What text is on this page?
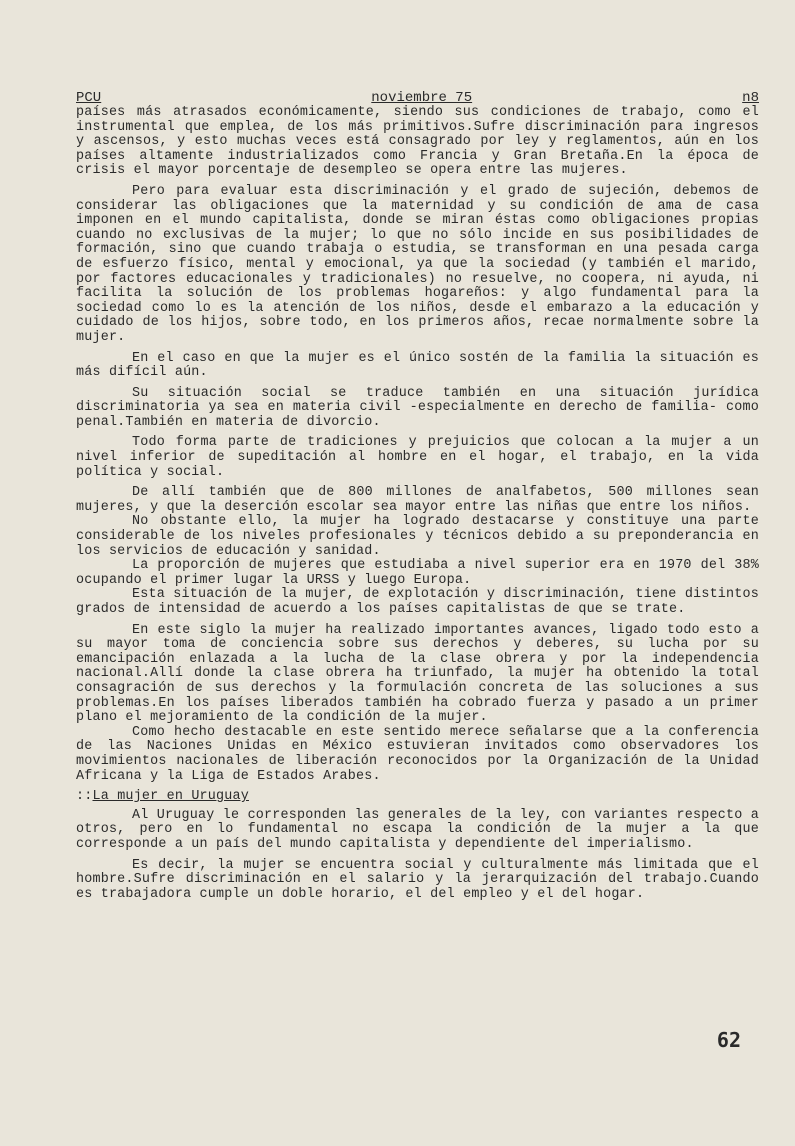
PCU	noviembre 75	n8

países más atrasados económicamente, siendo sus condiciones de trabajo, como el instrumental que emplea, de los más primitivos.Sufre discriminación para ingresos y ascensos, y esto muchas veces está consagrado por ley y reglamentos, aún en los países altamente industrializados como Francia y Gran Bretaña.En la época de crisis el mayor porcentaje de desempleo se opera entre las mujeres.

Pero para evaluar esta discriminación y el grado de sujeción, debemos de considerar las obligaciones que la maternidad y su condición de ama de casa imponen en el mundo capitalista, donde se miran éstas como obligaciones propias cuando no exclusivas de la mujer; lo que no sólo incide en sus posibilidades de formación, sino que cuando trabaja o estudia, se transforman en una pesada carga de esfuerzo físico, mental y emocional, ya que la sociedad (y también el marido, por factores educacionales y tradicionales) no resuelve, no coopera, ni ayuda, ni facilita la solución de los problemas hogareños: y algo fundamental para la sociedad como lo es la atención de los niños, desde el embarazo a la educación y cuidado de los hijos, sobre todo, en los primeros años, recae normalmente sobre la mujer.

En el caso en que la mujer es el único sostén de la familia la situación es más difícil aún.

Su situación social se traduce también en una situación jurídica discriminatoria ya sea en materia civil -especialmente en derecho de familia- como penal.También en materia de divorcio.

Todo forma parte de tradiciones y prejuicios que colocan a la mujer a un nivel inferior de supeditación al hombre en el hogar, el trabajo, en la vida política y social.

De allí también que de 800 millones de analfabetos, 500 millones sean mujeres, y que la deserción escolar sea mayor entre las niñas que entre los niños.

No obstante ello, la mujer ha logrado destacarse y constituye una parte considerable de los niveles profesionales y técnicos debido a su preponderancia en los servicios de educación y sanidad.

La proporción de mujeres que estudiaba a nivel superior era en 1970 del 38% ocupando el primer lugar la URSS y luego Europa.

Esta situación de la mujer, de explotación y discriminación, tiene distintos grados de intensidad de acuerdo a los países capitalistas de que se trate.

En este siglo la mujer ha realizado importantes avances, ligado todo esto a su mayor toma de conciencia sobre sus derechos y deberes, su lucha por su emancipación enlazada a la lucha de la clase obrera y por la independencia nacional.Allí donde la clase obrera ha triunfado, la mujer ha obtenido la total consagración de sus derechos y la formulación concreta de las soluciones a sus problemas.En los países liberados también ha cobrado fuerza y pasado a un primer plano el mejoramiento de la condición de la mujer.

Como hecho destacable en este sentido merece señalarse que a la conferencia de las Naciones Unidas en México estuvieran invitados como observadores los movimientos nacionales de liberación reconocidos por la Organización de la Unidad Africana y la Liga de Estados Arabes.

::La mujer en Uruguay

Al Uruguay le corresponden las generales de la ley, con variantes respecto a otros, pero en lo fundamental no escapa la condición de la mujer a la que corresponde a un país del mundo capitalista y dependiente del imperialismo.

Es decir, la mujer se encuentra social y culturalmente más limitada que el hombre.Sufre discriminación en el salario y la jerarquización del trabajo.Cuando es trabajadora cumple un doble horario, el del empleo y el del hogar.

62
